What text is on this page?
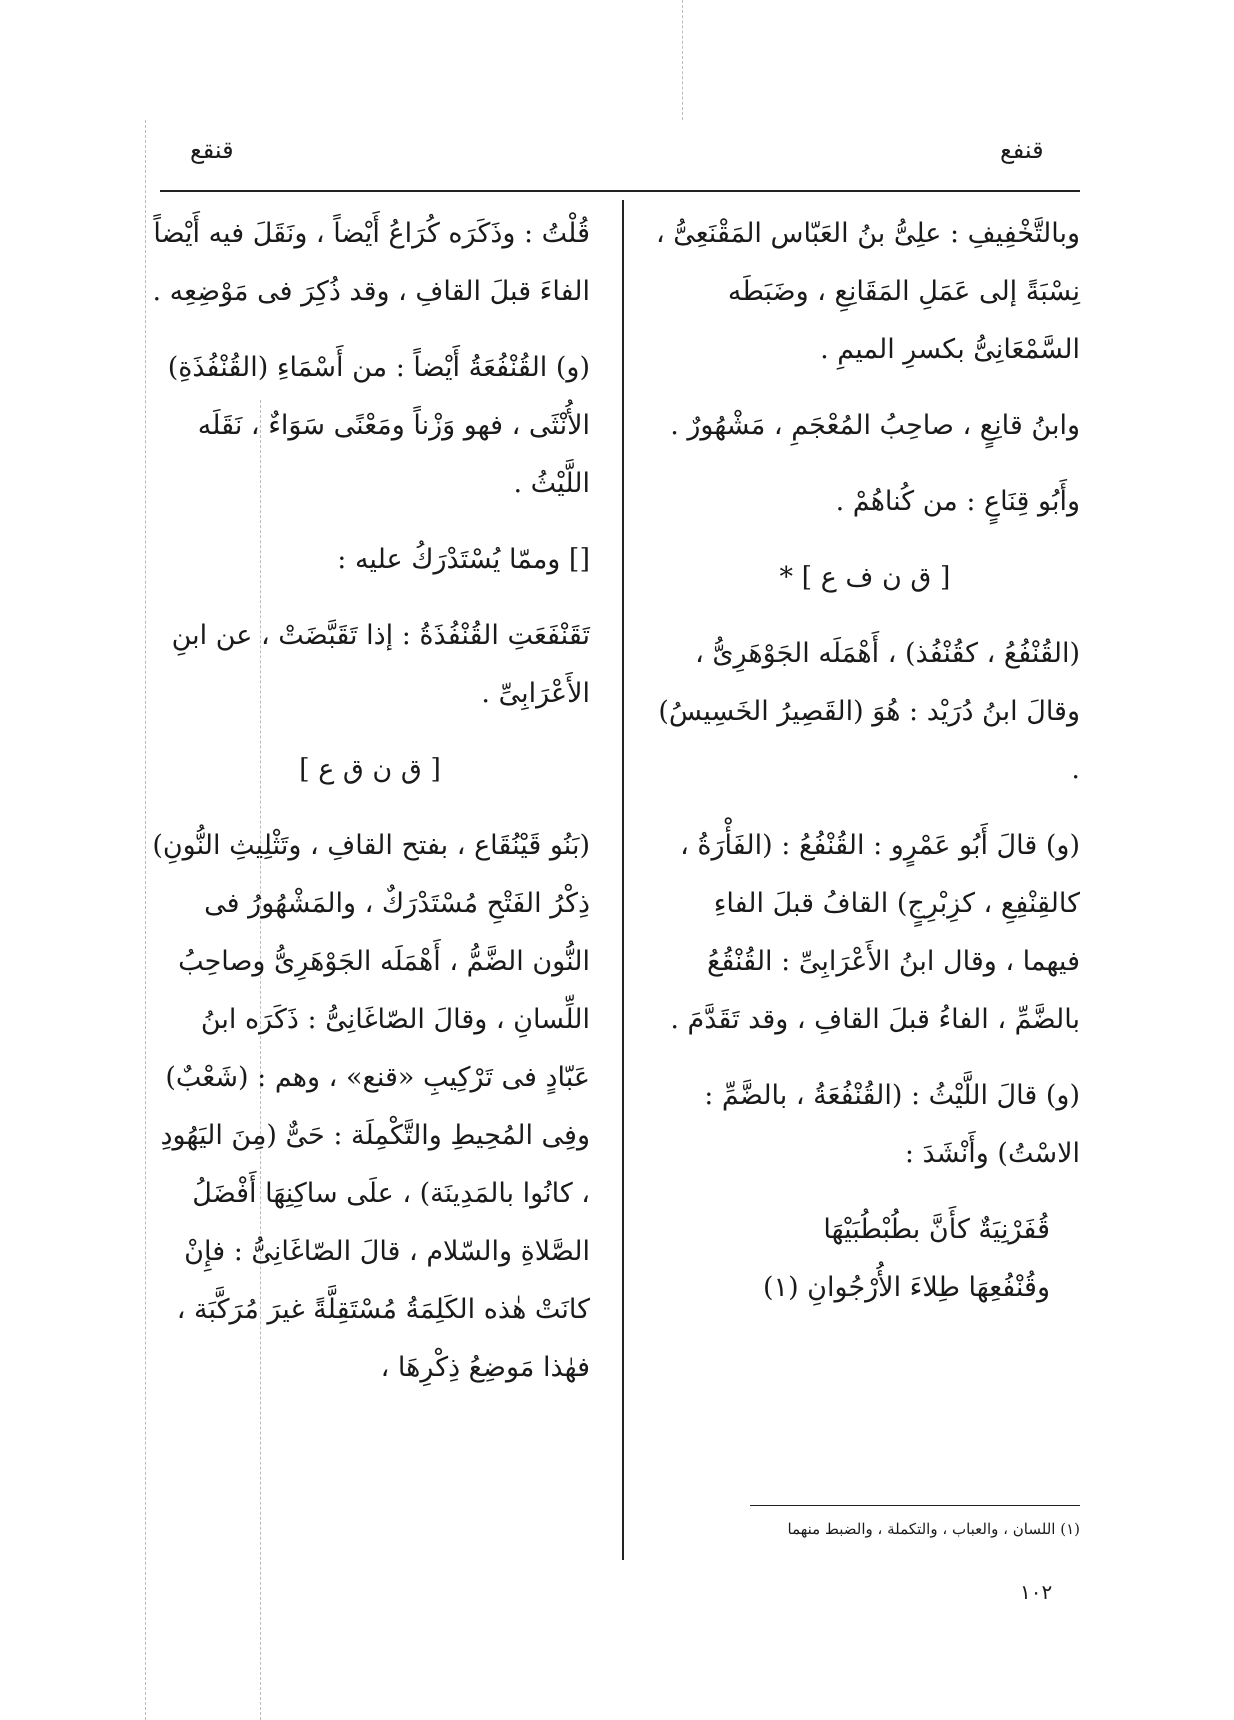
قنفع
قنقع
وبالتَّخْفِيفِ : علِىُّ بنُ العَبّاس المَقْنَعِىُّ ، نِسْبَةً إلى عَمَلِ المَقَانِعِ ، وضَبَطَه السَّمْعَانِىُّ بكسرِ الميمِ .
وابنُ قانِعٍ ، صاحِبُ المُعْجَمِ ، مَشْهُورٌ .
وأَبُو قِنَاعٍ : من كُناهُمْ .
[ ق ن ف ع ] *
(القُنْفُعُ ، كقُنْفُذ) ، أَهْمَلَه الجَوْهَرِىُّ ، وقالَ ابنُ دُرَيْد : هُوَ (القَصِيرُ الخَسِيسُ) .
(و) قالَ أَبُو عَمْرٍو : القُنْفُعُ : (الفَأْرَةُ ، كالقِنْفِعِ ، كزِبْرِجٍ) القافُ قبلَ الفاءِ فيهما ، وقال ابنُ الأَعْرَابِىِّ : القُنْقُعُ بالضَّمِّ ، الفاءُ قبلَ القافِ ، وقد تَقَدَّمَ .
(و) قالَ اللَّيْثُ : (القُنْفُعَةُ ، بالضَّمِّ : الاسْتُ) وأَنْشَدَ :
قُفَرْنِيَةٌ كأَنَّ بطُبْطُبَيْهَا
وقُنْفُعِهَا طِلاءَ الأُرْجُوانِ (١)
قُلْتُ : وذَكَرَه كُرَاعُ أَيْضاً ، ونَقَلَ فيه أَيْضاً الفاءَ قبلَ القافِ ، وقد ذُكِرَ فى مَوْضِعِه .
(و) القُنْفُعَةُ أَيْضاً : من أَسْمَاءِ (القُنْفُذَةِ) الأُنْثَى ، فهو وَزْناً ومَعْنًى سَوَاءٌ ، نَقَلَه اللَّيْثُ .
[] وممّا يُسْتَدْرَكُ عليه :
تَقَنْفَعَتِ القُنْفُذَةُ : إذا تَقَبَّضَتْ ، عن ابنِ الأَعْرَابِىِّ .
[ ق ن ق ع ]
(بَنُو قَيْنُقَاع ، بفتح القافِ ، وتَثْلِيثِ النُّونِ) ذِكْرُ الفَتْحِ مُسْتَدْرَكٌ ، والمَشْهُورُ فى النُّون الضَّمُّ ، أَهْمَلَه الجَوْهَرِىُّ وصاحِبُ اللِّسانِ ، وقالَ الصّاغَانِىُّ : ذَكَرَه ابنُ عَبّادٍ فى تَرْكِيبِ «قنع» ، وهم : (شَعْبٌ) وفِى المُحِيطِ والتَّكْمِلَة : حَىٌّ (مِنَ اليَهُودِ ، كانُوا بالمَدِينَة) ، علَى ساكِنِهَا أَفْضَلُ الصَّلاةِ والسّلام ، قالَ الصّاغَانِىُّ : فإِنْ كانَتْ هٰذه الكَلِمَةُ مُسْتَقِلَّةً غيرَ مُرَكَّبَة ، فهٰذا مَوضِعُ ذِكْرِهَا ،
(١) اللسان ، والعباب ، والتكملة ، والضبط منهما
١٠٢
